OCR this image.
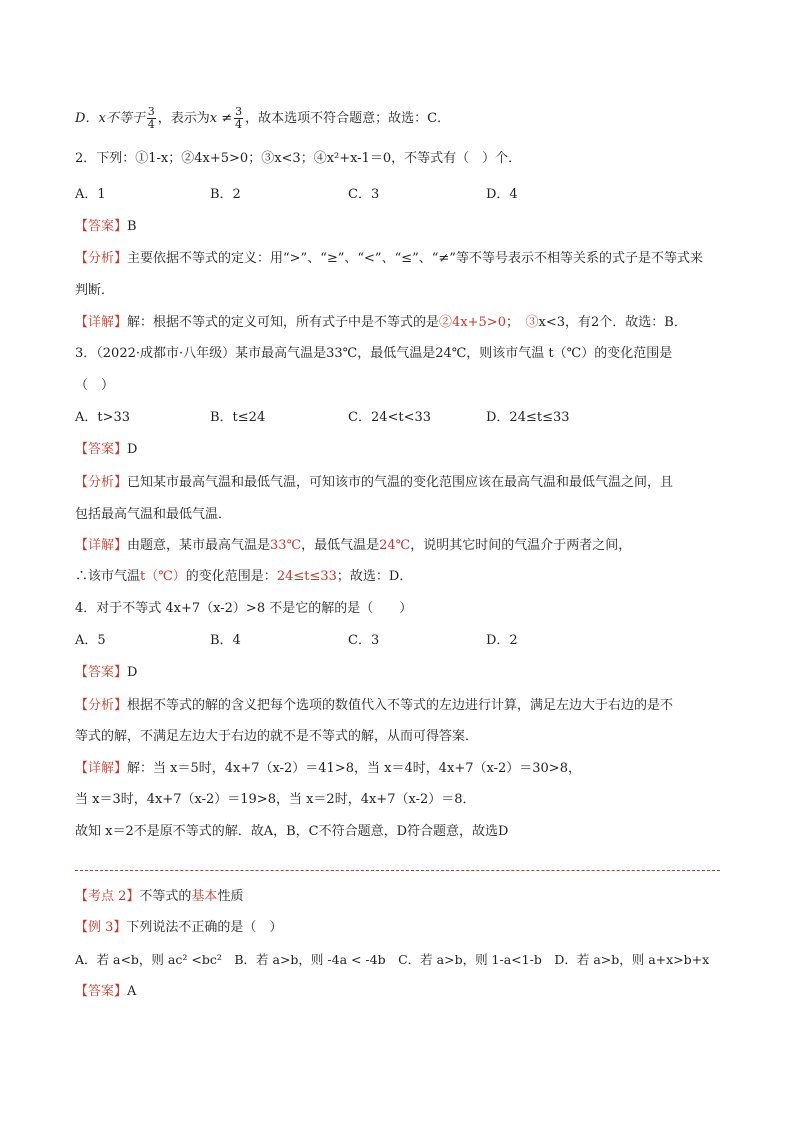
D．x不等于 $\frac{3}{4}$ ，表示为$x \ne \frac{3}{4}$ ，故本选项不符合题意；故选：C．
2．下列：①1-x；②4x+5>0；③x<3；④x²+x-1＝0，不等式有（　）个．
A．1	B．2	C．3	D．4
【答案】B
【分析】主要依据不等式的定义：用“>”、“≥”、“<”、“≤”、“≠”等不等号表示不相等关系的式子是不等式来
判断．
【详解】解：根据不等式的定义可知，所有式子中是不等式的是②4x+5>0；　 ③x<3，有2个．故选：B．
3．（2022·成都市·八年级）某市最高气温是33℃，最低气温是24℃，则该市气温 t（℃）的变化范围是
（　）
A．t>33	B．t≤24	C．24<t<33	D．24≤t≤33
【答案】D
【分析】已知某市最高气温和最低气温，可知该市的气温的变化范围应该在最高气温和最低气温之间，且
包括最高气温和最低气温．
【详解】由题意，某市最高气温是33℃，最低气温是24℃，说明其它时间的气温介于两者之间，
∴该市气温t（℃）的变化范围是：24≤t≤33；故选：D．
4．对于不等式 4x+7（x-2）>8 不是它的解的是（　　）
A．5	B．4	C．3	D．2
【答案】D
【分析】根据不等式的解的含义把每个选项的数值代入不等式的左边进行计算，满足左边大于右边的是不
等式的解，不满足左边大于右边的就不是不等式的解，从而可得答案．
【详解】解：当 x＝5时，4x+7（x-2）＝41>8，当 x＝4时，4x+7（x-2）＝30>8，
当 x＝3时，4x+7（x-2）＝19>8，当 x＝2时，4x+7（x-2）＝8．
故知 x＝2不是原不等式的解．故A，B，C不符合题意，D符合题意，故选D
【考点 2】不等式的基本性质
【例 3】下列说法不正确的是（　）
A．若 a<b，则 ac² <bc²　B．若 a>b，则 -4a < -4b　C．若 a>b，则 1-a<1-b　D．若 a>b，则 a+x>b+x
【答案】A
